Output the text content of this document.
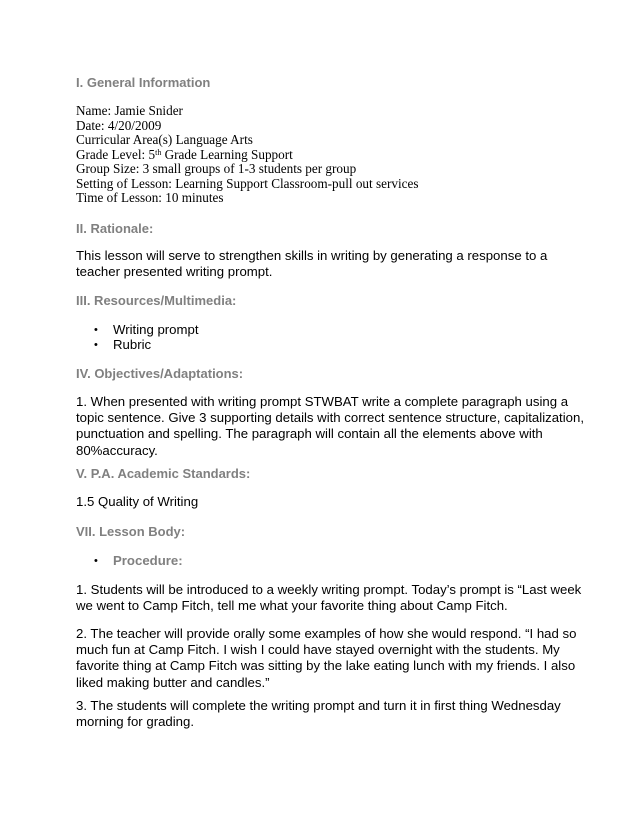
I. General Information
Name: Jamie Snider
Date: 4/20/2009
Curricular Area(s) Language Arts
Grade Level: 5th Grade Learning Support
Group Size: 3 small groups of 1-3 students per group
Setting of Lesson: Learning Support Classroom-pull out services
Time of Lesson: 10 minutes
II. Rationale:
This lesson will serve to strengthen skills in writing by generating a response to a
teacher presented writing prompt.
III. Resources/Multimedia:
• Writing prompt
• Rubric
IV. Objectives/Adaptations:
1. When presented with writing prompt STWBAT write a complete paragraph using a
topic sentence. Give 3 supporting details with correct sentence structure, capitalization,
punctuation and spelling. The paragraph will contain all the elements above with
80%accuracy.
V. P.A. Academic Standards:
1.5 Quality of Writing
VII. Lesson Body:
• Procedure:
1. Students will be introduced to a weekly writing prompt. Today’s prompt is “Last week
we went to Camp Fitch, tell me what your favorite thing about Camp Fitch.
2. The teacher will provide orally some examples of how she would respond. “I had so
much fun at Camp Fitch. I wish I could have stayed overnight with the students. My
favorite thing at Camp Fitch was sitting by the lake eating lunch with my friends. I also
liked making butter and candles.”
3. The students will complete the writing prompt and turn it in first thing Wednesday
morning for grading.
